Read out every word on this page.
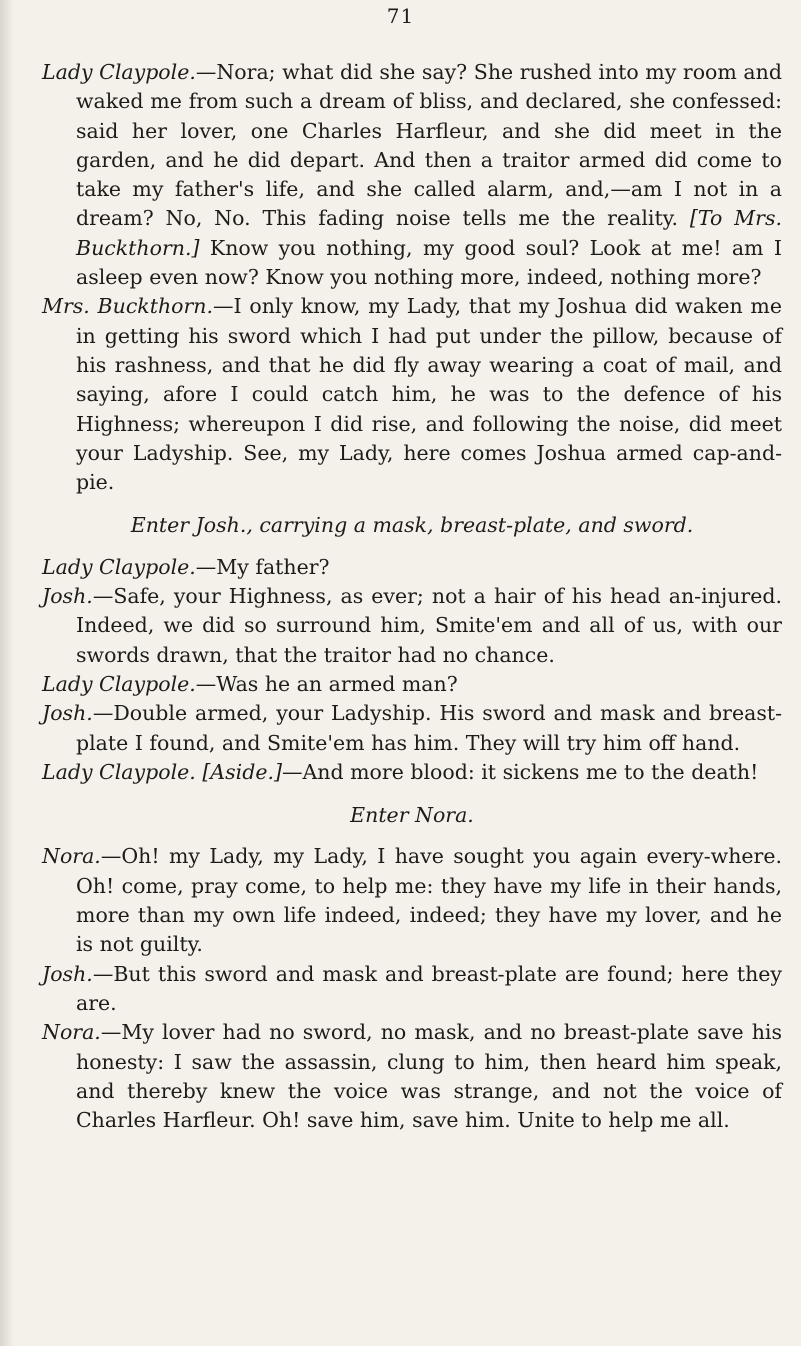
71

Lady Claypole.—Nora; what did she say? She rushed into my room and waked me from such a dream of bliss, and declared, she confessed: said her lover, one Charles Harfleur, and she did meet in the garden, and he did depart. And then a traitor armed did come to take my father's life, and she called alarm, and,—am I not in a dream? No, No. This fading noise tells me the reality. [To Mrs. Buckthorn.] Know you nothing, my good soul? Look at me! am I asleep even now? Know you nothing more, indeed, nothing more?

Mrs. Buckthorn.—I only know, my Lady, that my Joshua did waken me in getting his sword which I had put under the pillow, because of his rashness, and that he did fly away wearing a coat of mail, and saying, afore I could catch him, he was to the defence of his Highness; whereupon I did rise, and following the noise, did meet your Ladyship. See, my Lady, here comes Joshua armed cap-and-pie.

Enter Josh., carrying a mask, breast-plate, and sword.

Lady Claypole.—My father?

Josh.—Safe, your Highness, as ever; not a hair of his head an-injured. Indeed, we did so surround him, Smite'em and all of us, with our swords drawn, that the traitor had no chance.

Lady Claypole.—Was he an armed man?

Josh.—Double armed, your Ladyship. His sword and mask and breast-plate I found, and Smite'em has him. They will try him off hand.

Lady Claypole. [Aside.]—And more blood: it sickens me to the death!

Enter Nora.

Nora.—Oh! my Lady, my Lady, I have sought you again every-where. Oh! come, pray come, to help me: they have my life in their hands, more than my own life indeed, indeed; they have my lover, and he is not guilty.

Josh.—But this sword and mask and breast-plate are found; here they are.

Nora.—My lover had no sword, no mask, and no breast-plate save his honesty: I saw the assassin, clung to him, then heard him speak, and thereby knew the voice was strange, and not the voice of Charles Harfleur. Oh! save him, save him. Unite to help me all.
